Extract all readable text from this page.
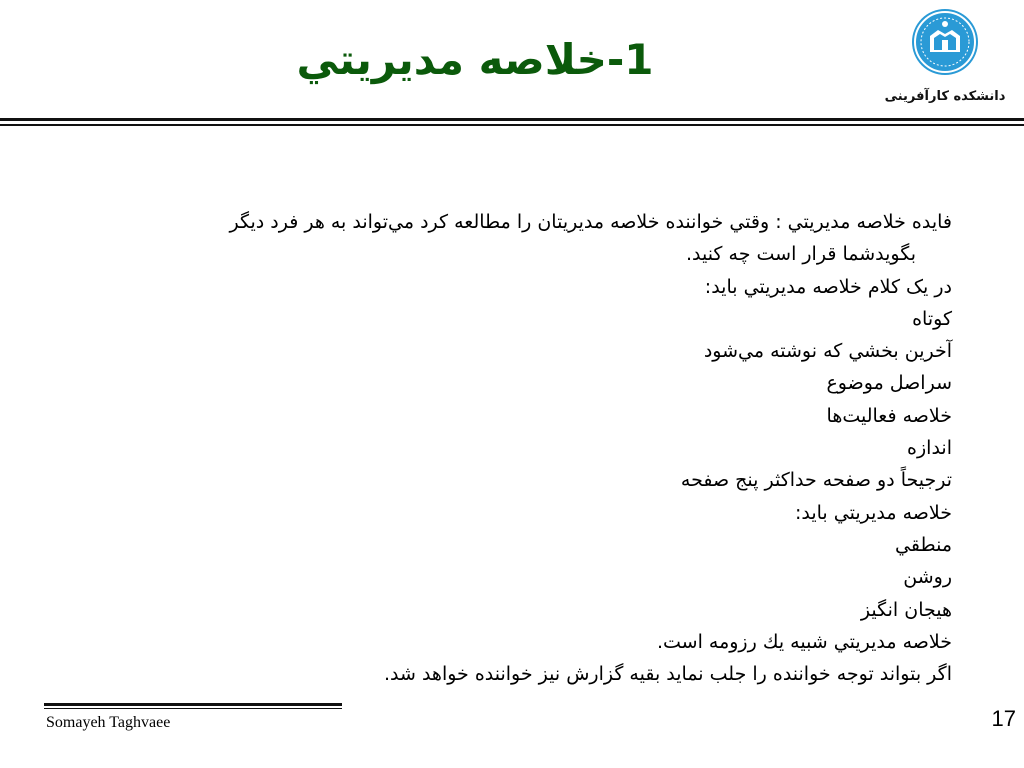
1-خلاصه مديريتي
دانشکده کارآفرینی
فايده خلاصه مديريتي : وقتي خواننده خلاصه مديريتان را مطالعه كرد مي‌تواند به هر فرد ديگر
بگويدشما قرار است چه كنيد.
در يک كلام خلاصه مديريتي بايد:
كوتاه
آخرين بخشي كه نوشته مي‌شود
سراصل موضوع
خلاصه فعاليت‌ها
اندازه
ترجيحاً دو صفحه حداكثر پنج صفحه
خلاصه مديريتي بايد:
منطقي
روشن
هيجان انگيز
خلاصه مديريتي شبيه يك رزومه است.
اگر بتواند توجه خواننده را جلب نمايد بقيه گزارش نيز خواننده خواهد شد.
Somayeh Taghvaee	17
